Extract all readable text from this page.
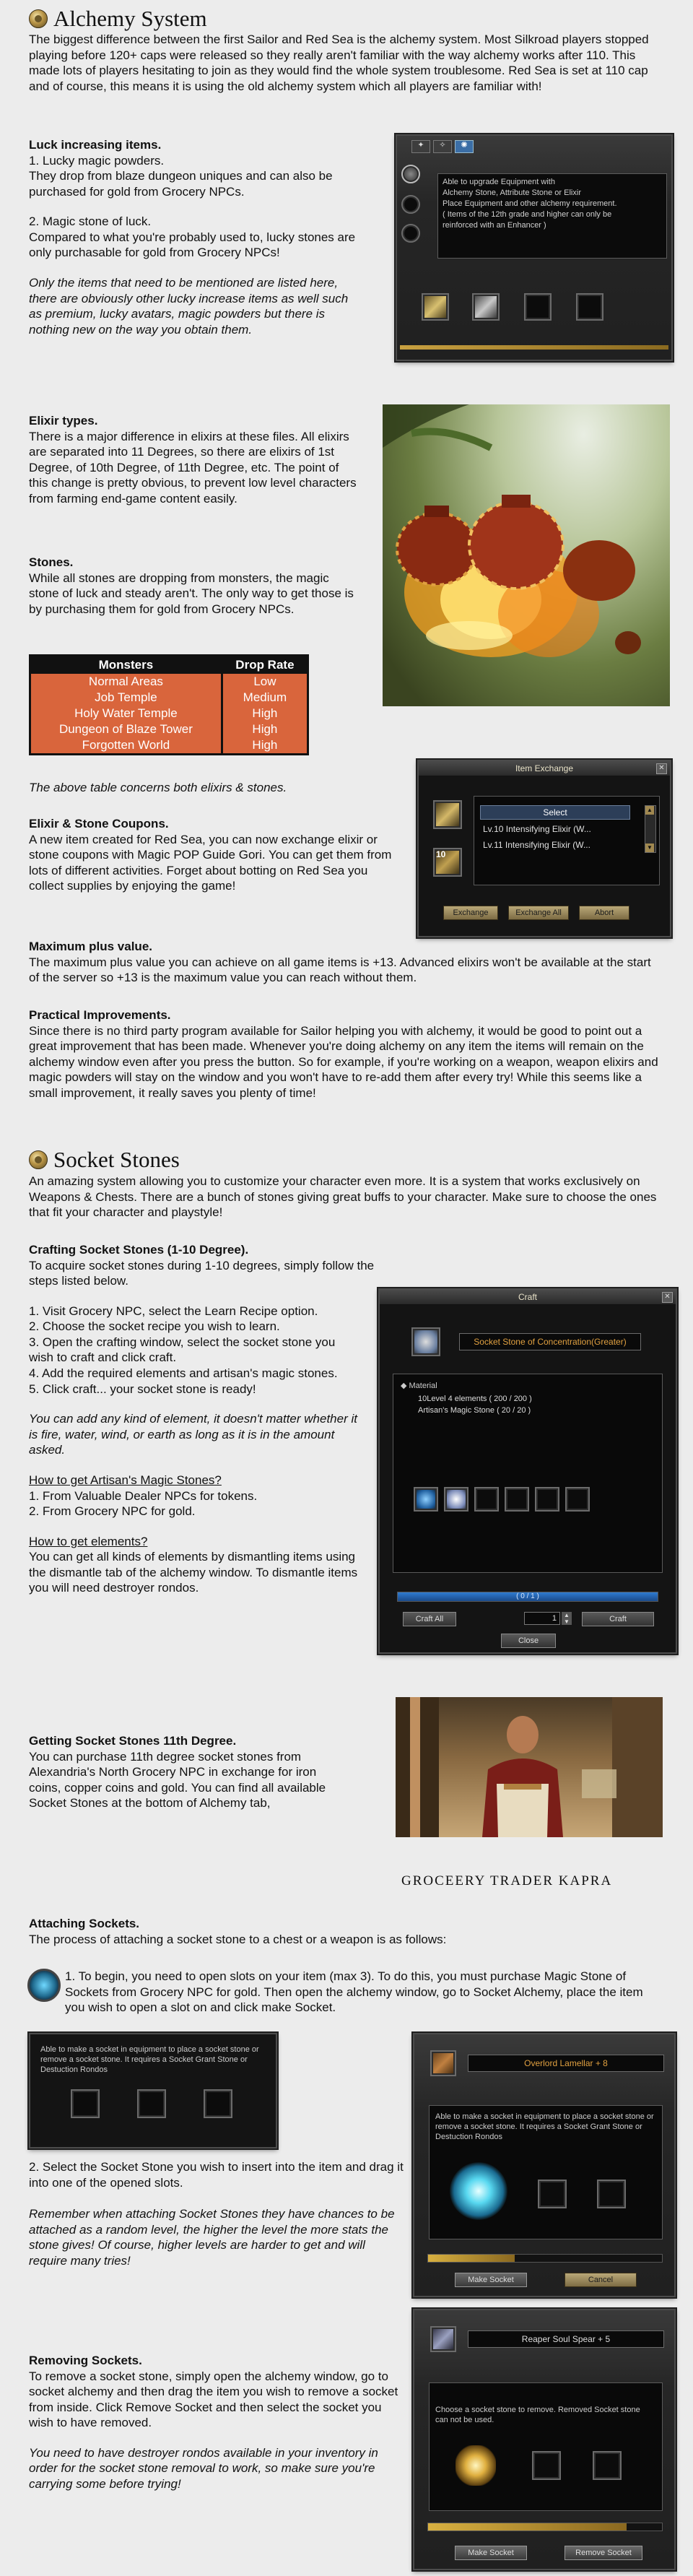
Alchemy System

The biggest difference between the first Sailor and Red Sea is the alchemy system. Most Silkroad players stopped playing before 120+ caps were released so they really aren't familiar with the way alchemy works after 110. This made lots of players hesitating to join as they would find the whole system troublesome. Red Sea is set at 110 cap and of course, this means it is using the old alchemy system which all players are familiar with!

Luck increasing items.

1. Lucky magic powders.

They drop from blaze dungeon uniques and can also be purchased for gold from Grocery NPCs.

2. Magic stone of luck.

Compared to what you're probably used to, lucky stones are only purchasable for gold from Grocery NPCs!

Only the items that need to be mentioned are listed here, there are obviously other lucky increase items as well such as premium, lucky avatars, magic powders but there is nothing new on the way you obtain them.

✦	✧	✺
Able to upgrade Equipment with
Alchemy Stone, Attribute Stone or Elixir
Place Equipment and other alchemy requirement.
( Items of the 12th grade and higher can only be
reinforced with an Enhancer )

Elixir types.

There is a major difference in elixirs at these files. All elixirs are separated into 11 Degrees, so there are elixirs of 1st Degree, of 10th Degree, of 11th Degree, etc. The point of this change is pretty obvious, to prevent low level characters from farming end-game content easily.

Stones.

While all stones are dropping from monsters, the magic stone of luck and steady aren't. The only way to get those is by purchasing them for gold from Grocery NPCs.

Monsters	Drop Rate
Normal Areas	Low
Job Temple	Medium
Holy Water Temple	High
Dungeon of Blaze Tower	High
Forgotten World	High

The above table concerns both elixirs & stones.

Elixir & Stone Coupons.

A new item created for Red Sea, you can now exchange elixir or stone coupons with Magic POP Guide Gori. You can get them from lots of different activities. Forget about botting on Red Sea you collect supplies by enjoying the game!

Item Exchange	✕
10
Select
Lv.10 Intensifying Elixir (W...
Lv.11 Intensifying Elixir (W...
▲
▼
Exchange	Exchange All	Abort

Maximum plus value.

The maximum plus value you can achieve on all game items is +13. Advanced elixirs won't be available at the start of the server so +13 is the maximum value you can reach without them.

Practical Improvements.

Since there is no third party program available for Sailor helping you with alchemy, it would be good to point out a great improvement that has been made. Whenever you're doing alchemy on any item the items will remain on the alchemy window even after you press the button. So for example, if you're working on a weapon, weapon elixirs and magic powders will stay on the window and you won't have to re-add them after every try! While this seems like a small improvement, it really saves you plenty of time!

Socket Stones

An amazing system allowing you to customize your character even more. It is a system that works exclusively on Weapons & Chests. There are a bunch of stones giving great buffs to your character. Make sure to choose the ones that fit your character and playstyle!

Crafting Socket Stones (1-10 Degree).

To acquire socket stones during 1-10 degrees, simply follow the steps listed below.

1. Visit Grocery NPC, select the Learn Recipe option.

2. Choose the socket recipe you wish to learn.

3. Open the crafting window, select the socket stone you wish to craft and click craft.

4. Add the required elements and artisan's magic stones.

5. Click craft... your socket stone is ready!

You can add any kind of element, it doesn't matter whether it is fire, water, wind, or earth as long as it is in the amount asked.

How to get Artisan's Magic Stones?

1. From Valuable Dealer NPCs for tokens.

2. From Grocery NPC for gold.

How to get elements?

You can get all kinds of elements by dismantling items using the dismantle tab of the alchemy window. To dismantle items you will need destroyer rondos.

Craft	✕
Socket Stone of Concentration(Greater)
◆ Material
10Level 4 elements ( 200 / 200 )
Artisan's Magic Stone ( 20 / 20 )
( 0 / 1 )
Craft All	1	▲
▼	Craft
Close

Getting Socket Stones 11th Degree.

You can purchase 11th degree socket stones from Alexandria's North Grocery NPC in exchange for iron coins, copper coins and gold. You can find all available Socket Stones at the bottom of Alchemy tab,

GROCEERY TRADER KAPRA

Attaching Sockets.

The process of attaching a socket stone to a chest or a weapon is as follows:

1. To begin, you need to open slots on your item (max 3). To do this, you must purchase Magic Stone of Sockets from Grocery NPC for gold. Then open the alchemy window, go to Socket Alchemy, place the item you wish to open a slot on and click make Socket.

Able to make a socket in equipment to place a socket stone or remove a socket stone. It requires a Socket Grant Stone or Destuction Rondos

2. Select the Socket Stone you wish to insert into the item and drag it into one of the opened slots.

Remember when attaching Socket Stones they have chances to be attached as a random level, the higher the level the more stats the stone gives! Of course, higher levels are harder to get and will require many tries!

Overlord Lamellar + 8
Able to make a socket in equipment to place a socket stone or remove a socket stone. It requires a Socket Grant Stone or Destuction Rondos
Make Socket	Cancel

Removing Sockets.

To remove a socket stone, simply open the alchemy window, go to socket alchemy and then drag the item you wish to remove a socket from inside. Click Remove Socket and then select the socket you wish to have removed.

You need to have destroyer rondos available in your inventory in order for the socket stone removal to work, so make sure you're carrying some before trying!

Reaper Soul Spear + 5
Choose a socket stone to remove. Removed Socket stone can not be used.
Make Socket	Remove Socket
